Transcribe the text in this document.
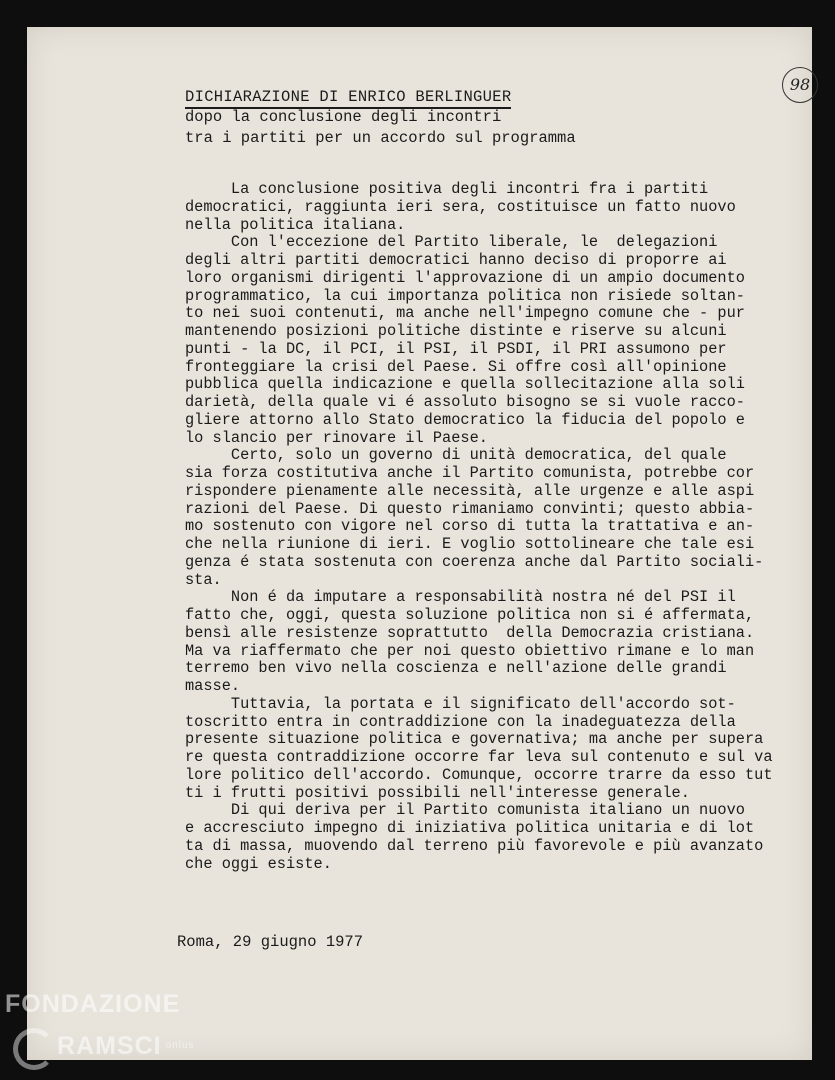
98
DICHIARAZIONE DI ENRICO BERLINGUER
dopo la conclusione degli incontri
tra i partiti per un accordo sul programma
La conclusione positiva degli incontri fra i partiti
democratici, raggiunta ieri sera, costituisce un fatto nuovo
nella politica italiana.
Con l'eccezione del Partito liberale, le  delegazioni
degli altri partiti democratici hanno deciso di proporre ai
loro organismi dirigenti l'approvazione di un ampio documento
programmatico, la cui importanza politica non risiede soltan-
to nei suoi contenuti, ma anche nell'impegno comune che - pur
mantenendo posizioni politiche distinte e riserve su alcuni
punti - la DC, il PCI, il PSI, il PSDI, il PRI assumono per
fronteggiare la crisi del Paese. Si offre così all'opinione
pubblica quella indicazione e quella sollecitazione alla soli
darietà, della quale vi é assoluto bisogno se si vuole racco-
gliere attorno allo Stato democratico la fiducia del popolo e
lo slancio per rinovare il Paese.
Certo, solo un governo di unità democratica, del quale
sia forza costitutiva anche il Partito comunista, potrebbe cor
rispondere pienamente alle necessità, alle urgenze e alle aspi
razioni del Paese. Di questo rimaniamo convinti; questo abbia-
mo sostenuto con vigore nel corso di tutta la trattativa e an-
che nella riunione di ieri. E voglio sottolineare che tale esi
genza é stata sostenuta con coerenza anche dal Partito sociali-
sta.
Non é da imputare a responsabilità nostra né del PSI il
fatto che, oggi, questa soluzione politica non si é affermata,
bensì alle resistenze soprattutto  della Democrazia cristiana.
Ma va riaffermato che per noi questo obiettivo rimane e lo man
terremo ben vivo nella coscienza e nell'azione delle grandi
masse.
Tuttavia, la portata e il significato dell'accordo sot-
toscritto entra in contraddizione con la inadeguatezza della
presente situazione politica e governativa; ma anche per supera
re questa contraddizione occorre far leva sul contenuto e sul va
lore politico dell'accordo. Comunque, occorre trarre da esso tut
ti i frutti positivi possibili nell'interesse generale.
Di qui deriva per il Partito comunista italiano un nuovo
e accresciuto impegno di iniziativa politica unitaria e di lot
ta di massa, muovendo dal terreno più favorevole e più avanzato
che oggi esiste.
Roma, 29 giugno 1977
FONDAZIONE
RAMSCI onlus
